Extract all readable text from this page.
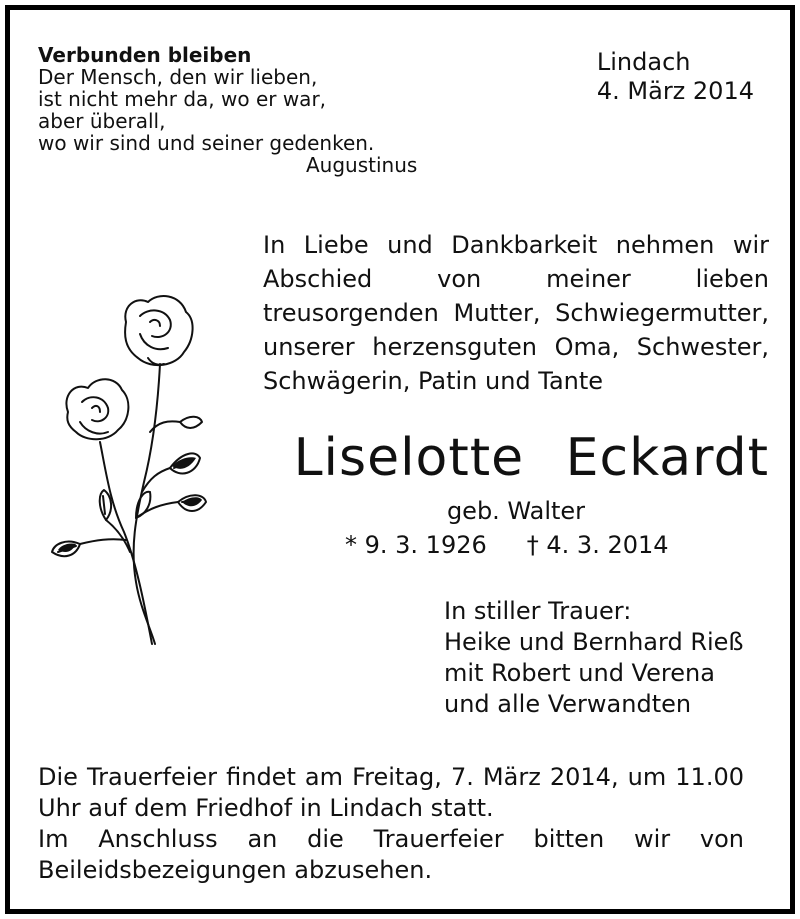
Verbunden bleiben
Der Mensch, den wir lieben,
ist nicht mehr da, wo er war,
aber überall,
wo wir sind und seiner gedenken.
Augustinus
Lindach
4. März 2014
In Liebe und Dankbarkeit nehmen wir Abschied von meiner lieben treusorgenden Mutter, Schwiegermutter, unserer herzensguten Oma, Schwester, Schwägerin, Patin und Tante
Liselotte Eckardt
geb. Walter
* 9. 3. 1926 † 4. 3. 2014
In stiller Trauer:
Heike und Bernhard Rieß
mit Robert und Verena
und alle Verwandten
Die Trauerfeier findet am Freitag, 7. März 2014, um 11.00 Uhr auf dem Friedhof in Lindach statt.
Im Anschluss an die Trauerfeier bitten wir von Beileidsbezeigungen abzusehen.
